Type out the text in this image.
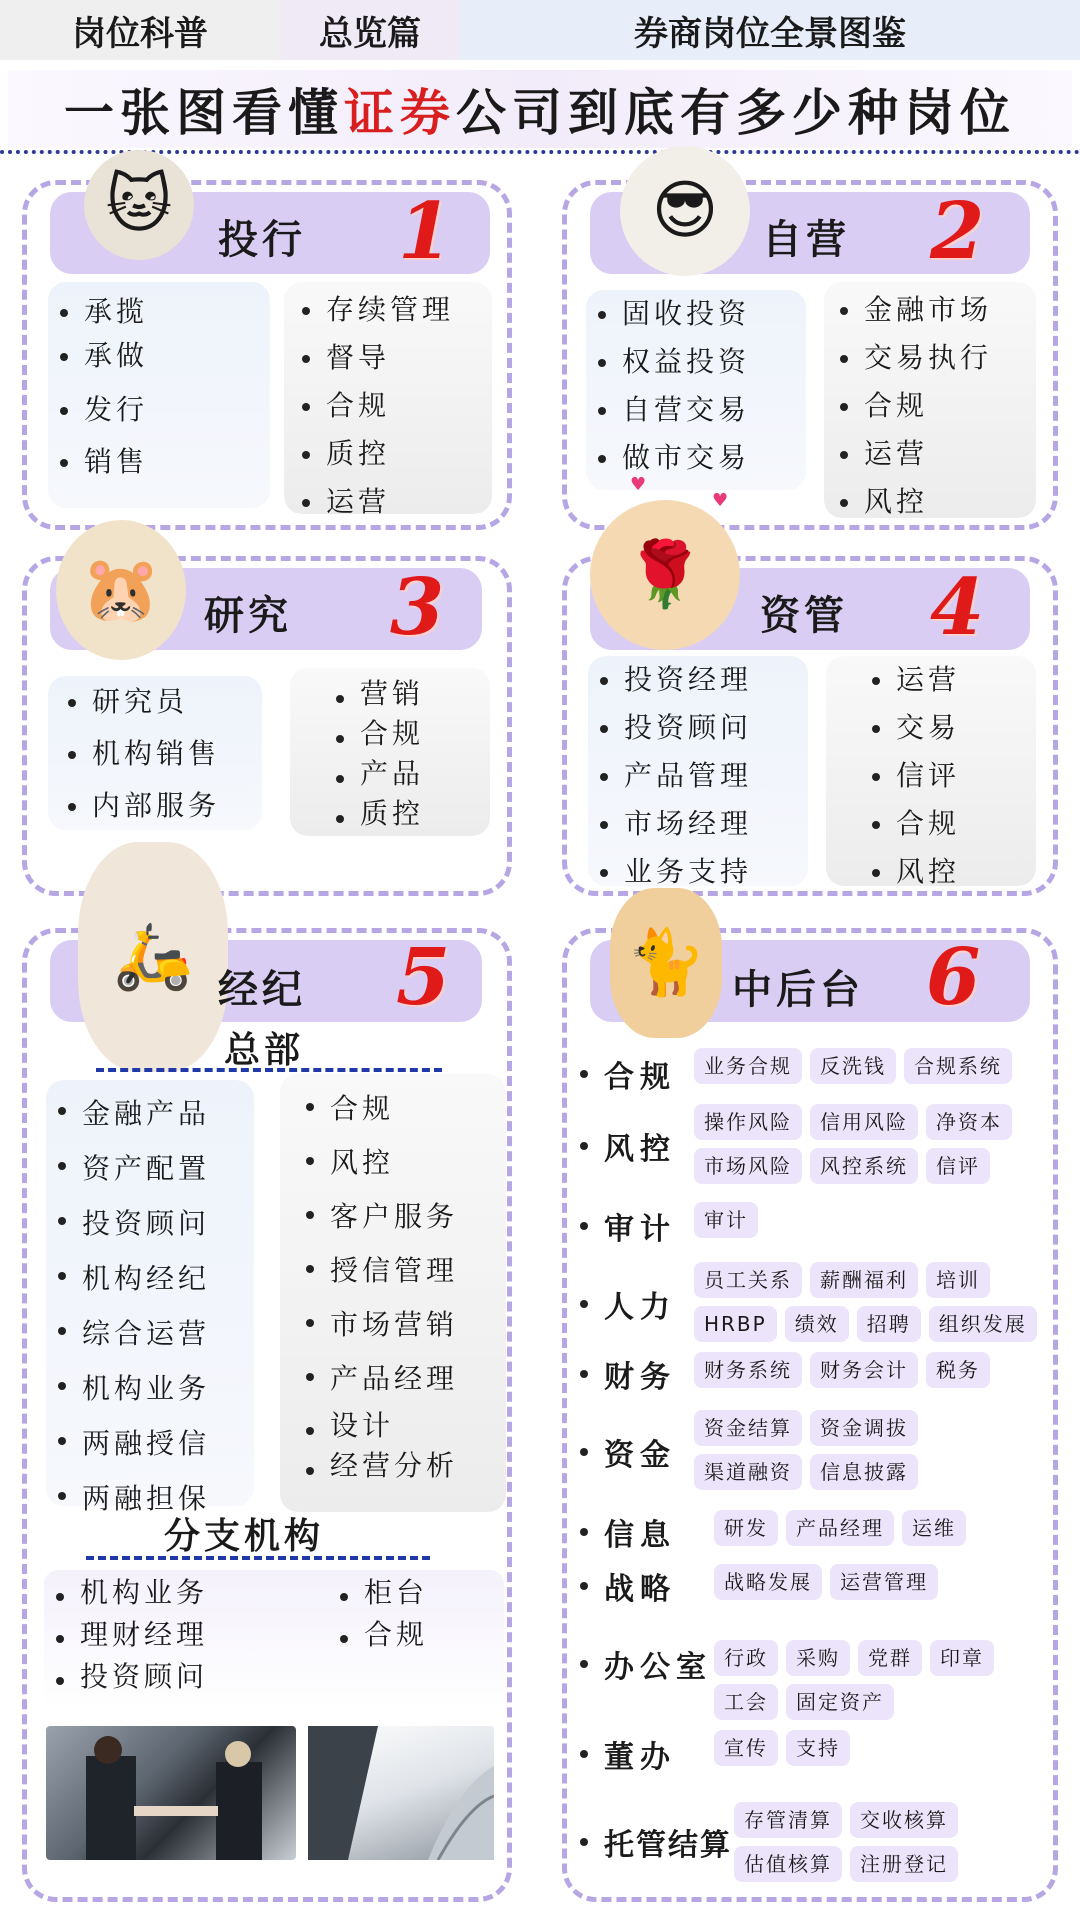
岗位科普	总览篇	券商岗位全景图鉴
一张图看懂 证券 公司到底有多少种岗位
🐱	投行 1
承揽
承做
发行
销售
存续管理
督导
合规
质控
运营
😎	自营 2
固收投资
权益投资
自营交易
做市交易
♥
♥
金融市场
交易执行
合规
运营
风控
🐹	研究 3
研究员
机构销售
内部服务
营销
合规
产品
质控
🌹
资管 4
投资经理
投资顾问
产品管理
市场经理
业务支持
运营
交易
信评
合规
风控
🛵 经纪 5
总部
金融产品
资产配置
投资顾问
机构经纪
综合运营
机构业务
两融授信
两融担保
合规
风控
客户服务
授信管理
市场营销
产品经理
设计
经营分析
分支机构
机构业务
理财经理
投资顾问
柜台
合规
🐈 中后台 6
合规	业务合规	反洗钱	合规系统
风控
操作风险	信用风险	净资本
市场风险	风控系统	信评
审计	审计
人力
员工关系	薪酬福利	培训
HRBP	绩效	招聘	组织发展
财务	财务系统	财务会计	税务
资金
资金结算	资金调拔
渠道融资	信息披露
信息	研发	产品经理	运维
战略	战略发展	运营管理
办公室 行政	采购	党群	印章
工会	固定资产
董办	宣传	支持
托管结算
存管清算	交收核算
估值核算	注册登记
